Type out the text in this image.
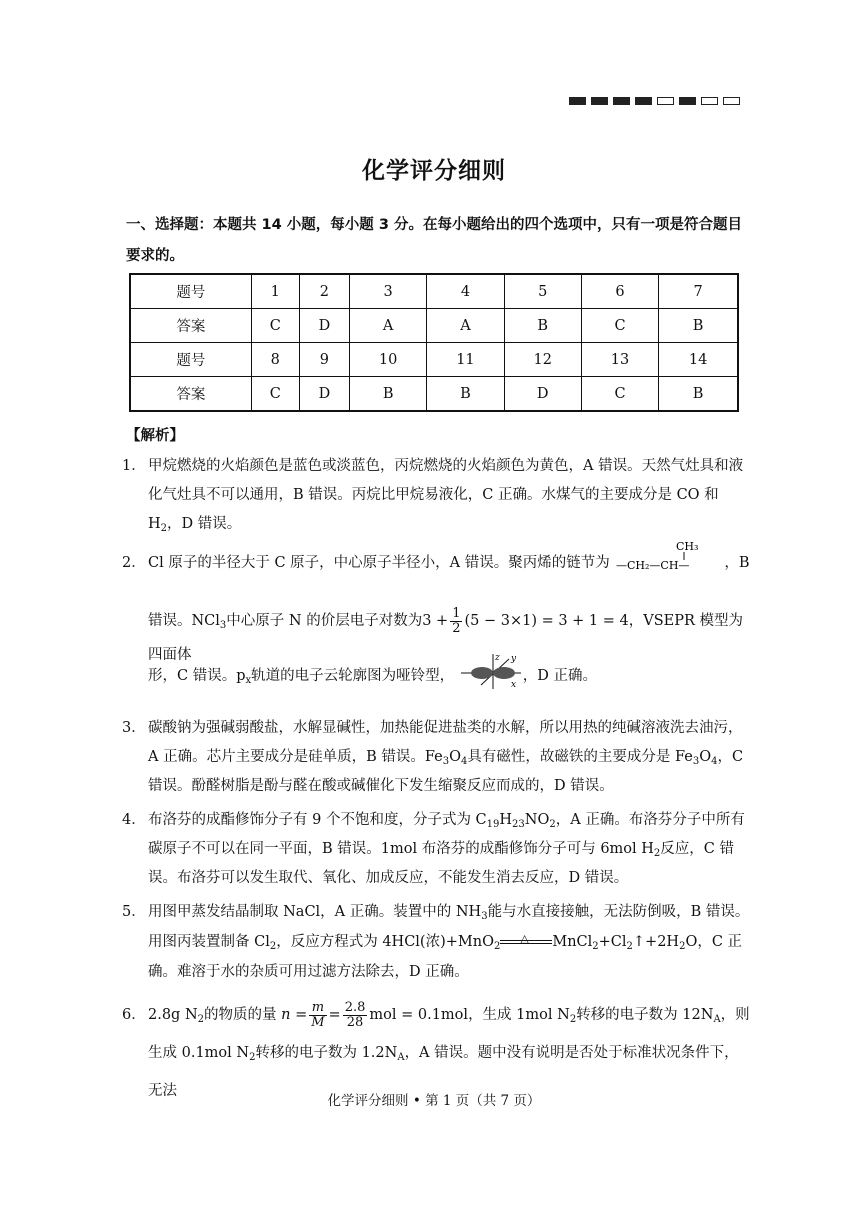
化学评分细则
一、选择题：本题共 14 小题，每小题 3 分。在每小题给出的四个选项中，只有一项是符合题目要求的。
题号	1	2	3	4	5	6	7
答案	C	D	A	A	B	C	B
题号	8	9	10	11	12	13	14
答案	C	D	B	B	D	C	B
【解析】
1． 甲烷燃烧的火焰颜色是蓝色或淡蓝色，丙烷燃烧的火焰颜色为黄色，A 错误。天然气灶具和液化气灶具不可以通用，B 错误。丙烷比甲烷易液化，C 正确。水煤气的主要成分是 CO 和 $H_2$，D 错误。
2． Cl 原子的半径大于 C 原子，中心原子半径小，A 错误。聚丙烯的链节为
CH₃
—CH₂—CH— ，B
错误。NCl$_3$中心原子 N 的价层电子对数为$3 + \frac{1}{2} (5 - 3\times 1) = 3 + 1 = 4$，VSEPR 模型为四面体
形，C 错误。$p_x$轨道的电子云轮廓图为哑铃型，
z y
x
，D 正确。
3． 碳酸钠为强碱弱酸盐，水解显碱性，加热能促进盐类的水解，所以用热的纯碱溶液洗去油污，A 正确。芯片主要成分是硅单质，B 错误。$Fe_3O_4$具有磁性，故磁铁的主要成分是 $Fe_3O_4$，C 错误。酚醛树脂是酚与醛在酸或碱催化下发生缩聚反应而成的，D 错误。
4． 布洛芬的成酯修饰分子有 9 个不饱和度，分子式为 $C_{19}H_{23}NO_2$，A 正确。布洛芬分子中所有碳原子不可以在同一平面，B 错误。1mol 布洛芬的成酯修饰分子可与 6mol $H_2$反应，C 错误。布洛芬可以发生取代、氧化、加成反应，不能发生消去反应，D 错误。
5． 用图甲蒸发结晶制取 NaCl，A 正确。装置中的 $NH_3$能与水直接接触，无法防倒吸，B 错误。用图丙装置制备 $Cl_2$，反应方程式为 4HCl(浓)+MnO$_2$
△ $MnCl_2+Cl_2↑+2H_2O$，C 正确。难溶于水的杂质可用过滤方法除去，D 正确。
6． 2.8g $N_2$的物质的量 $n = \frac{m}{M} = \frac{2.8}{28}$ mol = 0.1mol，生成 1mol $N_2$转移的电子数为 $12N_A$，则生成 0.1mol $N_2$转移的电子数为 $1.2N_A$，A 错误。题中没有说明是否处于标准状况条件下，无法
化学评分细则 • 第 1 页（共 7 页）
